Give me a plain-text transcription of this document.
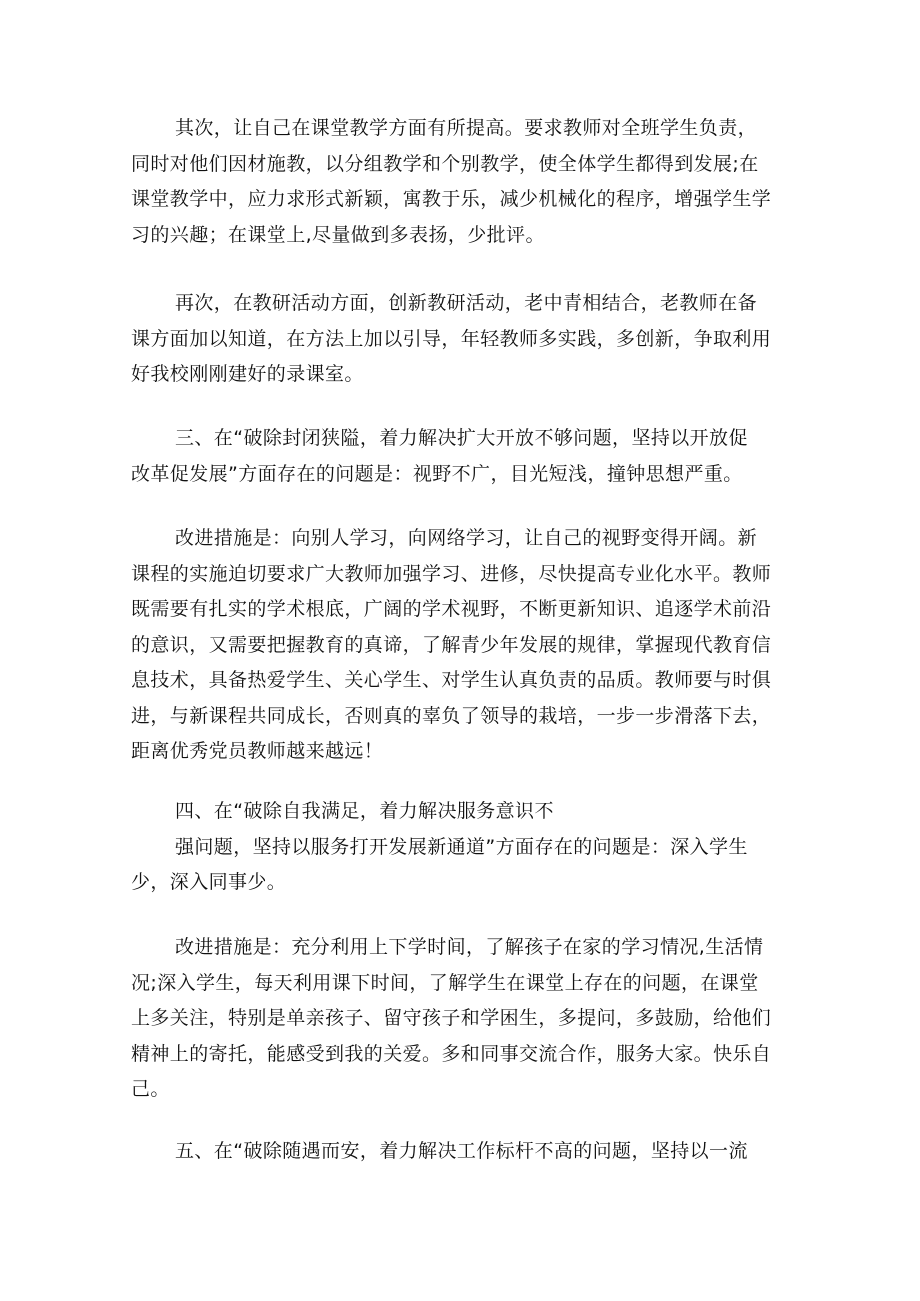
其次，让自己在课堂教学方面有所提高。要求教师对全班学生负责，
同时对他们因材施教，以分组教学和个别教学，使全体学生都得到发展;在
课堂教学中，应力求形式新颖，寓教于乐，减少机械化的程序，增强学生学
习的兴趣；在课堂上,尽量做到多表扬，少批评。
再次，在教研活动方面，创新教研活动，老中青相结合，老教师在备
课方面加以知道，在方法上加以引导，年轻教师多实践，多创新，争取利用
好我校刚刚建好的录课室。
三、在“破除封闭狭隘，着力解决扩大开放不够问题，坚持以开放促
改革促发展”方面存在的问题是：视野不广，目光短浅，撞钟思想严重。
改进措施是：向别人学习，向网络学习，让自己的视野变得开阔。新
课程的实施迫切要求广大教师加强学习、进修，尽快提高专业化水平。教师
既需要有扎实的学术根底，广阔的学术视野，不断更新知识、追逐学术前沿
的意识，又需要把握教育的真谛，了解青少年发展的规律，掌握现代教育信
息技术，具备热爱学生、关心学生、对学生认真负责的品质。教师要与时俱
进，与新课程共同成长，否则真的辜负了领导的栽培，一步一步滑落下去，
距离优秀党员教师越来越远！
四、在“破除自我满足，着力解决服务意识不
强问题，坚持以服务打开发展新通道”方面存在的问题是：深入学生
少，深入同事少。
改进措施是：充分利用上下学时间，了解孩子在家的学习情况,生活情
况;深入学生，每天利用课下时间，了解学生在课堂上存在的问题，在课堂
上多关注，特别是单亲孩子、留守孩子和学困生，多提问，多鼓励，给他们
精神上的寄托，能感受到我的关爱。多和同事交流合作，服务大家。快乐自
己。
五、在“破除随遇而安，着力解决工作标杆不高的问题，坚持以一流
